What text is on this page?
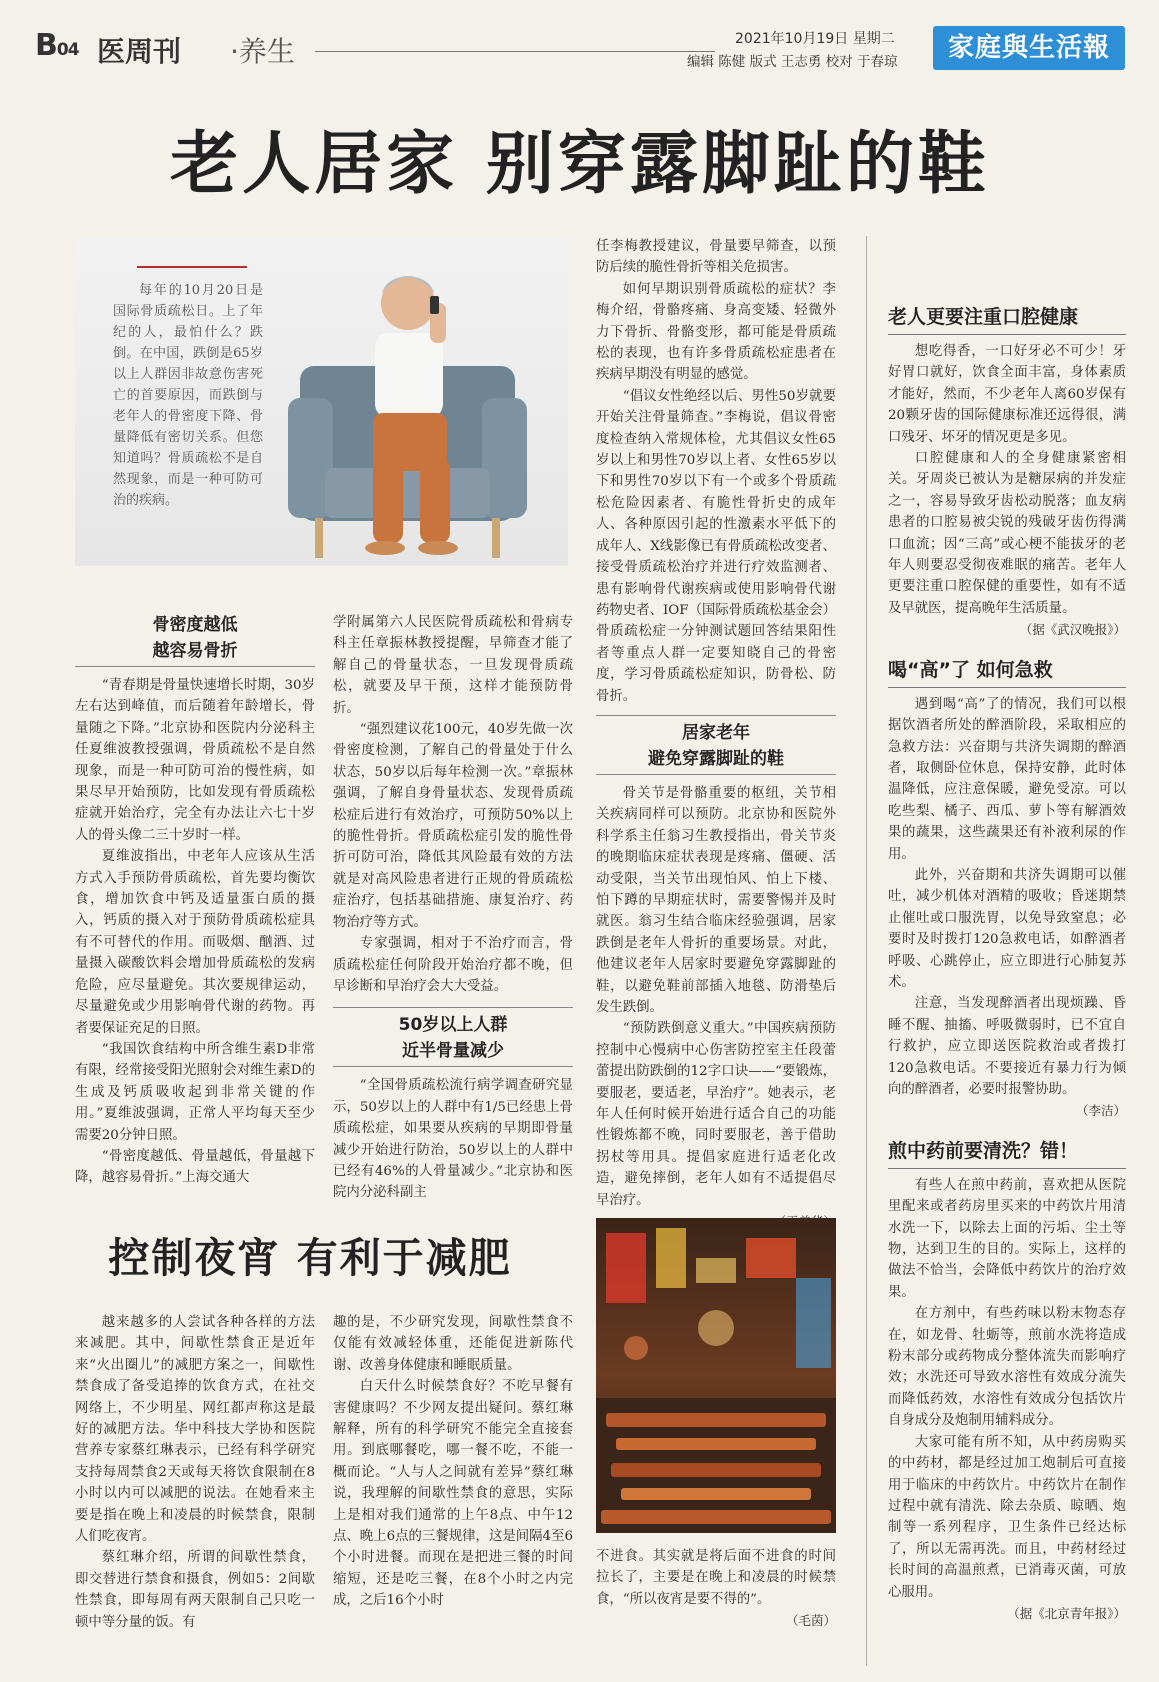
B04 医周刊 ·养生	2021年10月19日 星期二
编辑 陈健 版式 王志勇 校对 于春琼	家庭與生活報
老人居家 别穿露脚趾的鞋
每年的10月20日是国际骨质疏松日。上了年纪的人，最怕什么？跌倒。在中国，跌倒是65岁以上人群因非故意伤害死亡的首要原因，而跌倒与老年人的骨密度下降、骨量降低有密切关系。但您知道吗？骨质疏松不是自然现象，而是一种可防可治的疾病。
骨密度越低
越容易骨折

“青春期是骨量快速增长时期，30岁左右达到峰值，而后随着年龄增长，骨量随之下降。”北京协和医院内分泌科主任夏维波教授强调，骨质疏松不是自然现象，而是一种可防可治的慢性病，如果尽早开始预防，比如发现有骨质疏松症就开始治疗，完全有办法让六七十岁人的骨头像二三十岁时一样。

夏维波指出，中老年人应该从生活方式入手预防骨质疏松，首先要均衡饮食，增加饮食中钙及适量蛋白质的摄入，钙质的摄入对于预防骨质疏松症具有不可替代的作用。而吸烟、酗酒、过量摄入碳酸饮料会增加骨质疏松的发病危险，应尽量避免。其次要规律运动，尽量避免或少用影响骨代谢的药物。再者要保证充足的日照。

“我国饮食结构中所含维生素D非常有限，经常接受阳光照射会对维生素D的生成及钙质吸收起到非常关键的作用。”夏维波强调，正常人平均每天至少需要20分钟日照。

“骨密度越低、骨量越低，骨量越下降，越容易骨折。”上海交通大

学附属第六人民医院骨质疏松和骨病专科主任章振林教授提醒，早筛查才能了解自己的骨量状态，一旦发现骨质疏松，就要及早干预，这样才能预防骨折。

“强烈建议花100元，40岁先做一次骨密度检测，了解自己的骨量处于什么状态，50岁以后每年检测一次。”章振林强调，了解自身骨量状态、发现骨质疏松症后进行有效治疗，可预防50%以上的脆性骨折。骨质疏松症引发的脆性骨折可防可治，降低其风险最有效的方法就是对高风险患者进行正规的骨质疏松症治疗，包括基础措施、康复治疗、药物治疗等方式。

专家强调，相对于不治疗而言，骨质疏松症任何阶段开始治疗都不晚，但早诊断和早治疗会大大受益。

50岁以上人群
近半骨量减少

“全国骨质疏松流行病学调查研究显示，50岁以上的人群中有1/5已经患上骨质疏松症，如果要从疾病的早期即骨量减少开始进行防治，50岁以上的人群中已经有46%的人骨量减少。”北京协和医院内分泌科副主

任李梅教授建议，骨量要早筛查，以预防后续的脆性骨折等相关危损害。

如何早期识别骨质疏松的症状？李梅介绍，骨骼疼痛、身高变矮、轻微外力下骨折、骨骼变形，都可能是骨质疏松的表现，也有许多骨质疏松症患者在疾病早期没有明显的感觉。

“倡议女性绝经以后、男性50岁就要开始关注骨量筛查。”李梅说，倡议骨密度检查纳入常规体检，尤其倡议女性65岁以上和男性70岁以上者、女性65岁以下和男性70岁以下有一个或多个骨质疏松危险因素者、有脆性骨折史的成年人、各种原因引起的性激素水平低下的成年人、X线影像已有骨质疏松改变者、接受骨质疏松治疗并进行疗效监测者、患有影响骨代谢疾病或使用影响骨代谢药物史者、IOF（国际骨质疏松基金会）骨质疏松症一分钟测试题回答结果阳性者等重点人群一定要知晓自己的骨密度，学习骨质疏松症知识，防骨松、防骨折。

居家老年
避免穿露脚趾的鞋

骨关节是骨骼重要的枢纽，关节相关疾病同样可以预防。北京协和医院外科学系主任翁习生教授指出，骨关节炎的晚期临床症状表现是疼痛、僵硬、活动受限，当关节出现怕风、怕上下楼、怕下蹲的早期症状时，需要警惕并及时就医。翁习生结合临床经验强调，居家跌倒是老年人骨折的重要场景。对此，他建议老年人居家时要避免穿露脚趾的鞋，以避免鞋前部插入地毯、防滑垫后发生跌倒。

“预防跌倒意义重大。”中国疾病预防控制中心慢病中心伤害防控室主任段蕾蕾提出防跌倒的12字口诀——“要锻炼，要服老，要适老，早治疗”。她表示，老年人任何时候开始进行适合自己的功能性锻炼都不晚，同时要服老，善于借助拐杖等用具。提倡家庭进行适老化改造，避免摔倒，老年人如有不适提倡尽早治疗。

老人更要注重口腔健康

想吃得香，一口好牙必不可少！牙好胃口就好，饮食全面丰富，身体素质才能好，然而，不少老年人离60岁保有20颗牙齿的国际健康标准还远得很，满口残牙、坏牙的情况更是多见。

口腔健康和人的全身健康紧密相关。牙周炎已被认为是糖尿病的并发症之一，容易导致牙齿松动脱落；血友病患者的口腔易被尖锐的残破牙齿伤得满口血流；因“三高”或心梗不能拔牙的老年人则要忍受彻夜难眠的痛苦。老年人更要注重口腔保健的重要性，如有不适及早就医，提高晚年生活质量。

（据《武汉晚报》）

喝“高”了 如何急救

遇到喝“高”了的情况，我们可以根据饮酒者所处的醉酒阶段，采取相应的急救方法：兴奋期与共济失调期的醉酒者，取侧卧位休息，保持安静，此时体温降低，应注意保暖，避免受凉。可以吃些梨、橘子、西瓜、萝卜等有解酒效果的蔬果，这些蔬果还有补液利尿的作用。

此外，兴奋期和共济失调期可以催吐，减少机体对酒精的吸收；昏迷期禁止催吐或口服洗胃，以免导致窒息；必要时及时拨打120急救电话，如醉酒者呼吸、心跳停止，应立即进行心肺复苏术。

注意，当发现醉酒者出现烦躁、昏睡不醒、抽搐、呼吸微弱时，已不宜自行救护，应立即送医院救治或者拨打120急救电话。不要接近有暴力行为倾向的醉酒者，必要时报警协助。

（李洁）

煎中药前要清洗？错！

有些人在煎中药前，喜欢把从医院里配来或者药房里买来的中药饮片用清水洗一下，以除去上面的污垢、尘土等物，达到卫生的目的。实际上，这样的做法不恰当，会降低中药饮片的治疗效果。

在方剂中，有些药味以粉末物态存在，如龙骨、牡蛎等，煎前水洗将造成粉末部分或药物成分整体流失而影响疗效；水洗还可导致水溶性有效成分流失而降低药效，水溶性有效成分包括饮片自身成分及炮制用辅料成分。

大家可能有所不知，从中药房购买的中药材，都是经过加工炮制后可直接用于临床的中药饮片。中药饮片在制作过程中就有清洗、除去杂质、晾晒、炮制等一系列程序，卫生条件已经达标了，所以无需再洗。而且，中药材经过长时间的高温煎煮，已消毒灭菌，可放心服用。

（据《北京青年报》）

控制夜宵 有利于减肥

越来越多的人尝试各种各样的方法来减肥。其中，间歇性禁食正是近年来“火出圈儿”的减肥方案之一，间歇性禁食成了备受追捧的饮食方式，在社交网络上，不少明星、网红都声称这是最好的减肥方法。华中科技大学协和医院营养专家蔡红琳表示，已经有科学研究支持每周禁食2天或每天将饮食限制在8小时以内可以减肥的说法。在她看来主要是指在晚上和凌晨的时候禁食，限制人们吃夜宵。

蔡红琳介绍，所谓的间歇性禁食，即交替进行禁食和摄食，例如5：2间歇性禁食，即每周有两天限制自己只吃一顿中等分量的饭。有

趣的是，不少研究发现，间歇性禁食不仅能有效减轻体重，还能促进新陈代谢、改善身体健康和睡眠质量。

白天什么时候禁食好？不吃早餐有害健康吗？不少网友提出疑问。蔡红琳解释，所有的科学研究不能完全直接套用。到底哪餐吃，哪一餐不吃，不能一概而论。“人与人之间就有差异”蔡红琳说，我理解的间歇性禁食的意思，实际上是相对我们通常的上午8点、中午12点、晚上6点的三餐规律，这是间隔4至6个小时进餐。而现在是把进三餐的时间缩短，还是吃三餐，在8个小时之内完成，之后16个小时

不进食。其实就是将后面不进食的时间拉长了，主要是在晚上和凌晨的时候禁食，“所以夜宵是要不得的”。

（毛茵）
